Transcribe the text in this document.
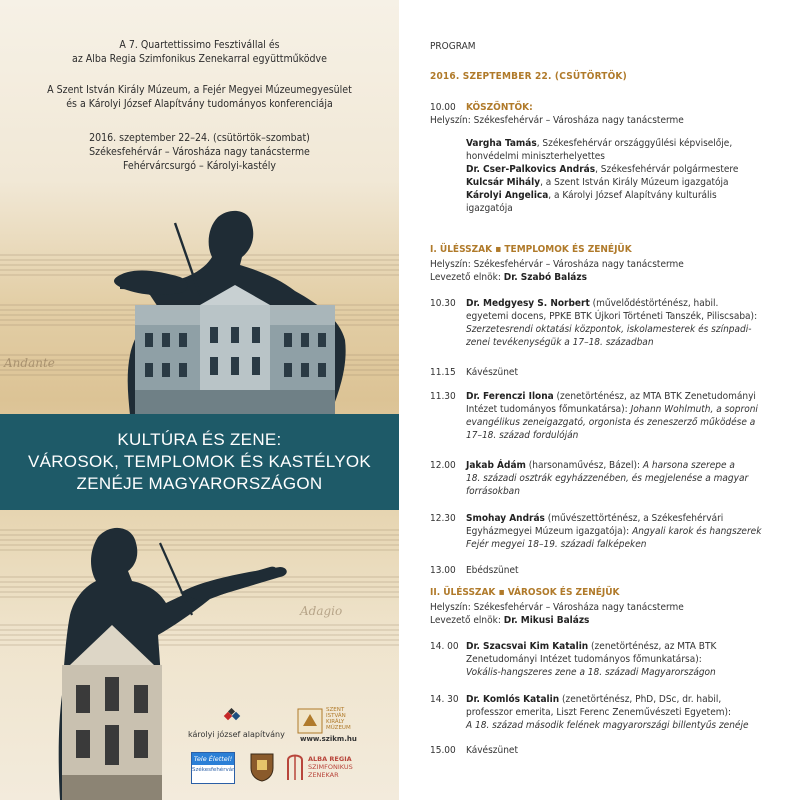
Andante
Adagio

A 7. Quartettissimo Fesztivállal és

az Alba Regia Szimfonikus Zenekarral együttműködve

A Szent István Király Múzeum, a Fejér Megyei Múzeumegyesület

és a Károlyi József Alapítvány tudományos konferenciája

2016. szeptember 22–24. (csütörtök–szombat)

Székesfehérvár – Városháza nagy tanácsterme

Fehérvárcsurgó – Károlyi-kastély

KULTÚRA ÉS ZENE:

VÁROSOK, TEMPLOMOK ÉS KASTÉLYOK

ZENÉJE MAGYARORSZÁGON

károlyi józsef alapítvány
SZENT
ISTVÁN
KIRÁLY
MÚZEUM
www.szikm.hu
Tele Élettel!
Székesfehérvár
ALBA REGIA
SZIMFONIKUS
ZENEKAR
PROGRAM
2016. SZEPTEMBER 22. (CSÜTÖRTÖK)
10.00	KÖSZÖNTŐK:
Helyszín: Székesfehérvár – Városháza nagy tanácsterme
Vargha Tamás, Székesfehérvár országgyűlési képviselője,
honvédelmi miniszterhelyettes
Dr. Cser-Palkovics András, Székesfehérvár polgármestere
Kulcsár Mihály, a Szent István Király Múzeum igazgatója
Károlyi Angelica, a Károlyi József Alapítvány kulturális
igazgatója
I. ÜLÉSSZAK ▪ TEMPLOMOK ÉS ZENÉJÜK
Helyszín: Székesfehérvár – Városháza nagy tanácsterme
Levezető elnök: Dr. Szabó Balázs
10.30	Dr. Medgyesy S. Norbert (művelődéstörténész, habil.
egyetemi docens, PPKE BTK Újkori Történeti Tanszék, Piliscsaba):
Szerzetesrendi oktatási központok, iskolamesterek és színpadi-
zenei tevékenységük a 17–18. században
11.15	Kávészünet
11.30	Dr. Ferenczi Ilona (zenetörténész, az MTA BTK Zenetudományi
Intézet tudományos főmunkatársa): Johann Wohlmuth, a soproni
evangélikus zeneigazgató, orgonista és zeneszerző működése a
17–18. század fordulóján
12.00	Jakab Ádám (harsonaművész, Bázel): A harsona szerepe a
18. századi osztrák egyházzenében, és megjelenése a magyar
forrásokban
12.30	Smohay András (művészettörténész, a Székesfehérvári
Egyházmegyei Múzeum igazgatója): Angyali karok és hangszerek
Fejér megyei 18–19. századi falképeken
13.00	Ebédszünet
II. ÜLÉSSZAK ▪ VÁROSOK ÉS ZENÉJÜK
Helyszín: Székesfehérvár – Városháza nagy tanácsterme
Levezető elnök: Dr. Mikusi Balázs
14. 00 Dr. Szacsvai Kim Katalin (zenetörténész, az MTA BTK
Zenetudományi Intézet tudományos főmunkatársa):
Vokális-hangszeres zene a 18. századi Magyarországon
14. 30 Dr. Komlós Katalin (zenetörténész, PhD, DSc, dr. habil,
professzor emerita, Liszt Ferenc Zeneművészeti Egyetem):
A 18. század második felének magyarországi billentyűs zenéje
15.00	Kávészünet
